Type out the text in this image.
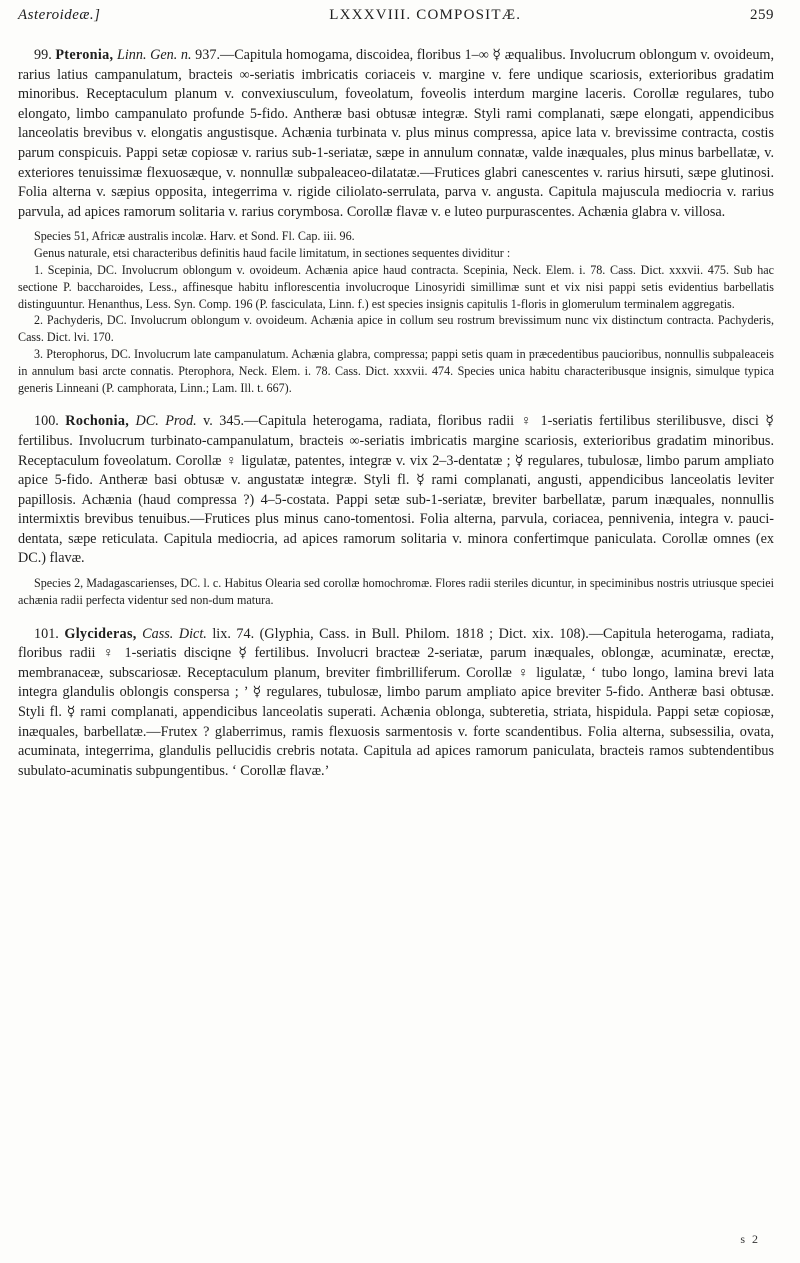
Asteroideæ.]	LXXXVIII. COMPOSITÆ.	259

99. Pteronia, Linn. Gen. n. 937.—Capitula homogama, discoidea, floribus 1–∞ ☿ æqualibus. Involucrum oblongum v. ovoideum, rarius latius campanulatum, bracteis ∞-seriatis imbricatis coriaceis v. margine v. fere undique scariosis, exterioribus gradatim minoribus. Receptaculum planum v. convexiusculum, foveolatum, foveolis interdum margine laceris. Corollæ regulares, tubo elongato, limbo campanulato profunde 5-fido. Antheræ basi obtusæ integræ. Styli rami complanati, sæpe elongati, appendicibus lanceolatis brevibus v. elongatis angustisque. Achænia turbinata v. plus minus compressa, apice lata v. brevissime contracta, costis parum conspicuis. Pappi setæ copiosæ v. rarius sub-1-seriatæ, sæpe in annulum connatæ, valde inæquales, plus minus barbellatæ, v. exteriores tenuissimæ flexuosæque, v. nonnullæ subpaleaceo-dilatatæ.—Frutices glabri canescentes v. rarius hirsuti, sæpe glutinosi. Folia alterna v. sæpius opposita, integerrima v. rigide ciliolato-serrulata, parva v. angusta. Capitula majuscula mediocria v. rarius parvula, ad apices ramorum solitaria v. rarius corymbosa. Corollæ flavæ v. e luteo purpurascentes. Achænia glabra v. villosa.

Species 51, Africæ australis incolæ. Harv. et Sond. Fl. Cap. iii. 96.

Genus naturale, etsi characteribus definitis haud facile limitatum, in sectiones sequentes dividitur :

1. Scepinia, DC. Involucrum oblongum v. ovoideum. Achænia apice haud contracta. Scepinia, Neck. Elem. i. 78. Cass. Dict. xxxvii. 475. Sub hac sectione P. baccharoides, Less., affinesque habitu inflorescentia involucroque Linosyridi simillimæ sunt et vix nisi pappi setis evidentius barbellatis distinguuntur. Henanthus, Less. Syn. Comp. 196 (P. fasciculata, Linn. f.) est species insignis capitulis 1-floris in glomerulum terminalem aggregatis.

2. Pachyderis, DC. Involucrum oblongum v. ovoideum. Achænia apice in collum seu rostrum brevissimum nunc vix distinctum contracta. Pachyderis, Cass. Dict. lvi. 170.

3. Pterophorus, DC. Involucrum late campanulatum. Achænia glabra, compressa; pappi setis quam in præcedentibus paucioribus, nonnullis subpaleaceis in annulum basi arcte connatis. Pterophora, Neck. Elem. i. 78. Cass. Dict. xxxvii. 474. Species unica habitu characteribusque insignis, simulque typica generis Linneani (P. camphorata, Linn.; Lam. Ill. t. 667).

100. Rochonia, DC. Prod. v. 345.—Capitula heterogama, radiata, floribus radii ♀ 1-seriatis fertilibus sterilibusve, disci ☿ fertilibus. Involucrum turbinato-campanulatum, bracteis ∞-seriatis imbricatis margine scariosis, exterioribus gradatim minoribus. Receptaculum foveolatum. Corollæ ♀ ligulatæ, patentes, integræ v. vix 2–3-dentatæ ; ☿ regulares, tubulosæ, limbo parum ampliato apice 5-fido. Antheræ basi obtusæ v. angustatæ integræ. Styli fl. ☿ rami complanati, angusti, appendicibus lanceolatis leviter papillosis. Achænia (haud compressa ?) 4–5-costata. Pappi setæ sub-1-seriatæ, breviter barbellatæ, parum inæquales, nonnullis intermixtis brevibus tenuibus.—Frutices plus minus cano-tomentosi. Folia alterna, parvula, coriacea, pennivenia, integra v. pauci-dentata, sæpe reticulata. Capitula mediocria, ad apices ramorum solitaria v. minora confertimque paniculata. Corollæ omnes (ex DC.) flavæ.

Species 2, Madagascarienses, DC. l. c. Habitus Olearia sed corollæ homochromæ. Flores radii steriles dicuntur, in speciminibus nostris utriusque speciei achænia radii perfecta videntur sed non-dum matura.

101. Glycideras, Cass. Dict. lix. 74. (Glyphia, Cass. in Bull. Philom. 1818 ; Dict. xix. 108).—Capitula heterogama, radiata, floribus radii ♀ 1-seriatis disciqne ☿ fertilibus. Involucri bracteæ 2-seriatæ, parum inæquales, oblongæ, acuminatæ, erectæ, membranaceæ, subscariosæ. Receptaculum planum, breviter fimbrilliferum. Corollæ ♀ ligulatæ, ‘ tubo longo, lamina brevi lata integra glandulis oblongis conspersa ; ’ ☿ regulares, tubulosæ, limbo parum ampliato apice breviter 5-fido. Antheræ basi obtusæ. Styli fl. ☿ rami complanati, appendicibus lanceolatis superati. Achænia oblonga, subteretia, striata, hispidula. Pappi setæ copiosæ, inæquales, barbellatæ.—Frutex ? glaberrimus, ramis flexuosis sarmentosis v. forte scandentibus. Folia alterna, subsessilia, ovata, acuminata, integerrima, glandulis pellucidis crebris notata. Capitula ad apices ramorum paniculata, bracteis ramos subtendentibus subulato-acuminatis subpungentibus. ‘ Corollæ flavæ.’

s 2
